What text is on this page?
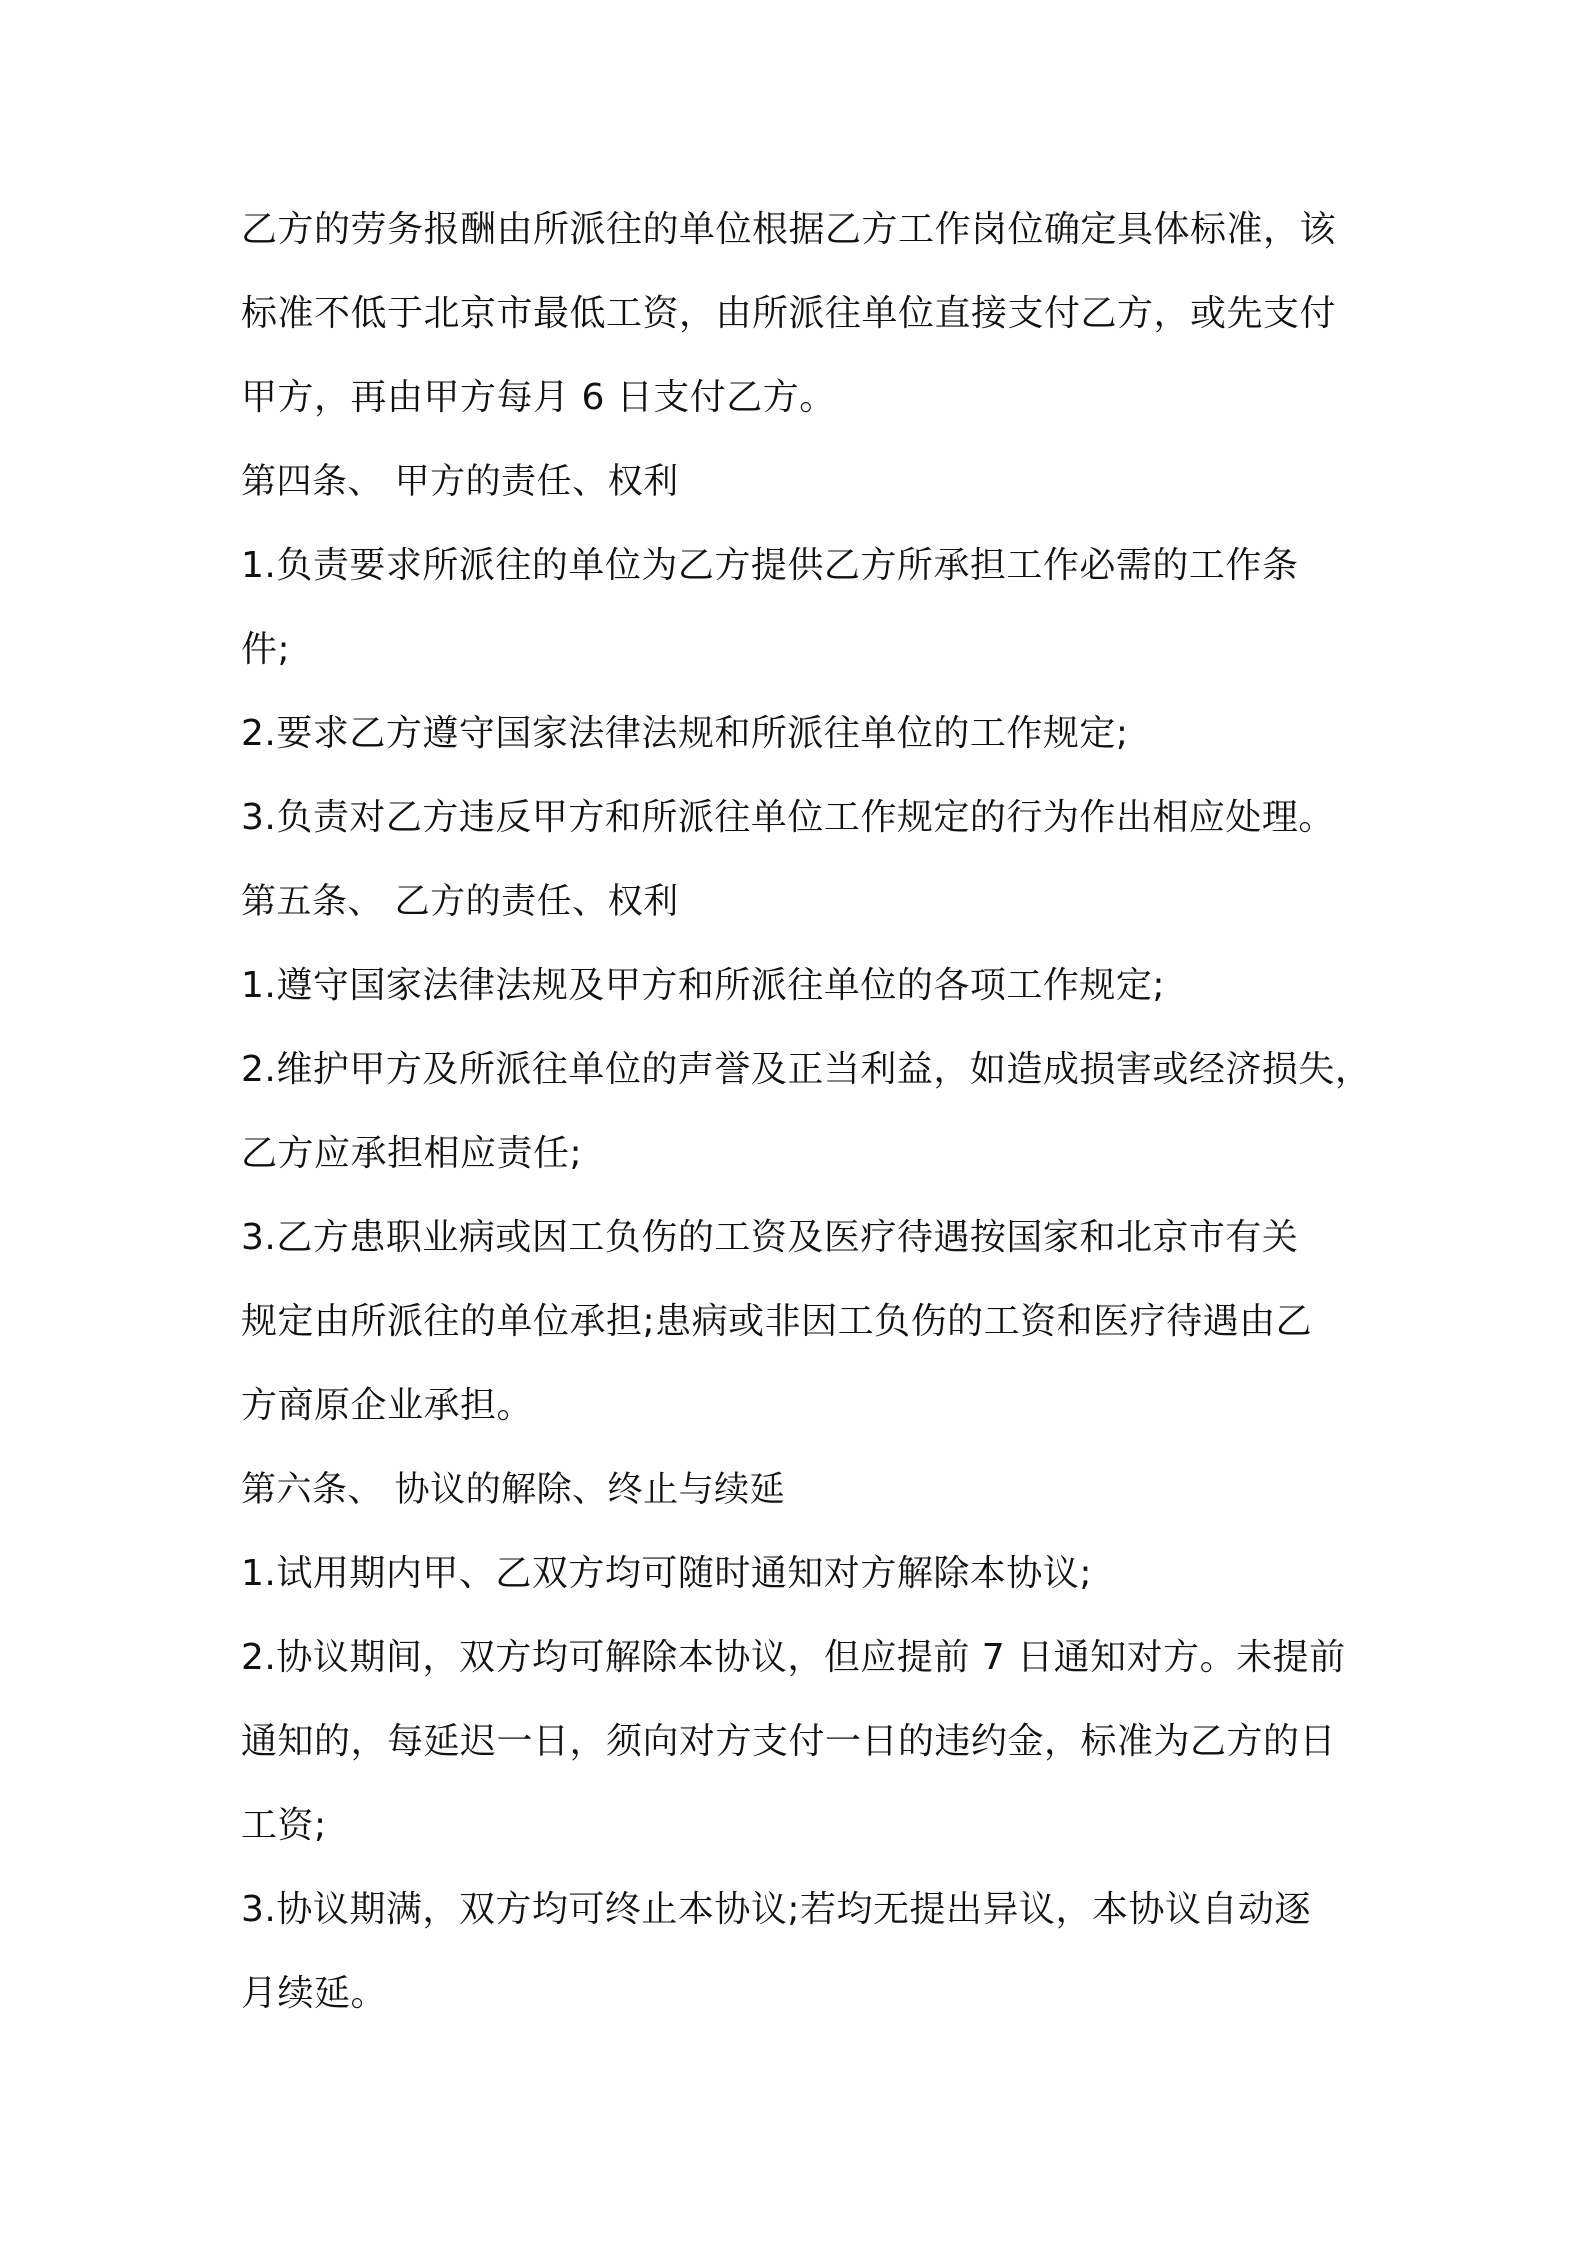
乙方的劳务报酬由所派往的单位根据乙方工作岗位确定具体标准，该
标准不低于北京市最低工资，由所派往单位直接支付乙方，或先支付
甲方，再由甲方每月 6 日支付乙方。
第四条、 甲方的责任、权利
1.负责要求所派往的单位为乙方提供乙方所承担工作必需的工作条
件;
2.要求乙方遵守国家法律法规和所派往单位的工作规定;
3.负责对乙方违反甲方和所派往单位工作规定的行为作出相应处理。
第五条、 乙方的责任、权利
1.遵守国家法律法规及甲方和所派往单位的各项工作规定;
2.维护甲方及所派往单位的声誉及正当利益，如造成损害或经济损失，
乙方应承担相应责任;
3.乙方患职业病或因工负伤的工资及医疗待遇按国家和北京市有关
规定由所派往的单位承担;患病或非因工负伤的工资和医疗待遇由乙
方商原企业承担。
第六条、 协议的解除、终止与续延
1.试用期内甲、乙双方均可随时通知对方解除本协议;
2.协议期间，双方均可解除本协议，但应提前 7 日通知对方。未提前
通知的，每延迟一日，须向对方支付一日的违约金，标准为乙方的日
工资;
3.协议期满，双方均可终止本协议;若均无提出异议，本协议自动逐
月续延。
